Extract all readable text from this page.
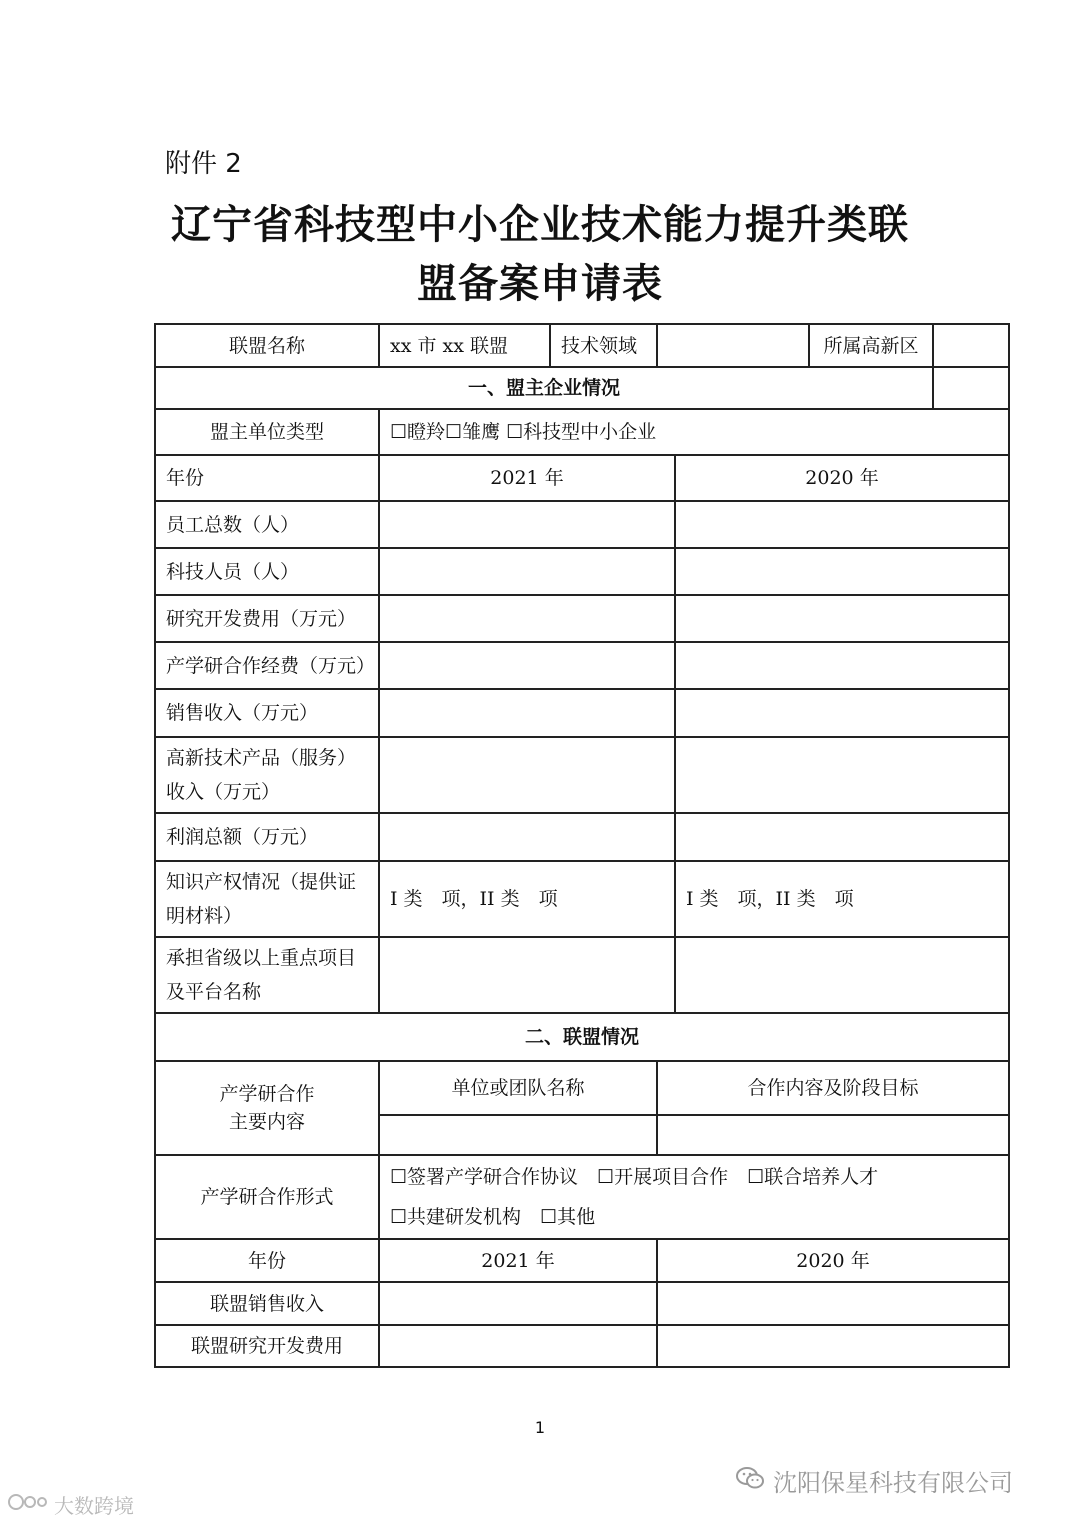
附件 2
辽宁省科技型中小企业技术能力提升类联
盟备案申请表
联盟名称	xx 市 xx 联盟	技术领域			所属高新区	
一、盟主企业情况						
盟主单位类型	☐瞪羚☐雏鹰 ☐科技型中小企业					
年份	2021 年			2020 年		
员工总数（人）						
科技人员（人）						
研究开发费用（万元）						
产学研合作经费（万元）						
销售收入（万元）						

高新技术产品（服务）
收入（万元）						

利润总额（万元）						

知识产权情况（提供证
明材料）	I 类　项，II 类　项			I 类　项，II 类　项		

承担省级以上重点项目
及平台名称						

二、联盟情况						

产学研合作
主要内容	单位或团队名称		合作内容及阶段目标			

产学研合作形式	☐签署产学研合作协议　☐开展项目合作　☐联合培养人才
☐共建研发机构　☐其他					

年份	2021 年		2020 年			
联盟销售收入						
联盟研究开发费用						
1
沈阳保星科技有限公司
大数跨境
